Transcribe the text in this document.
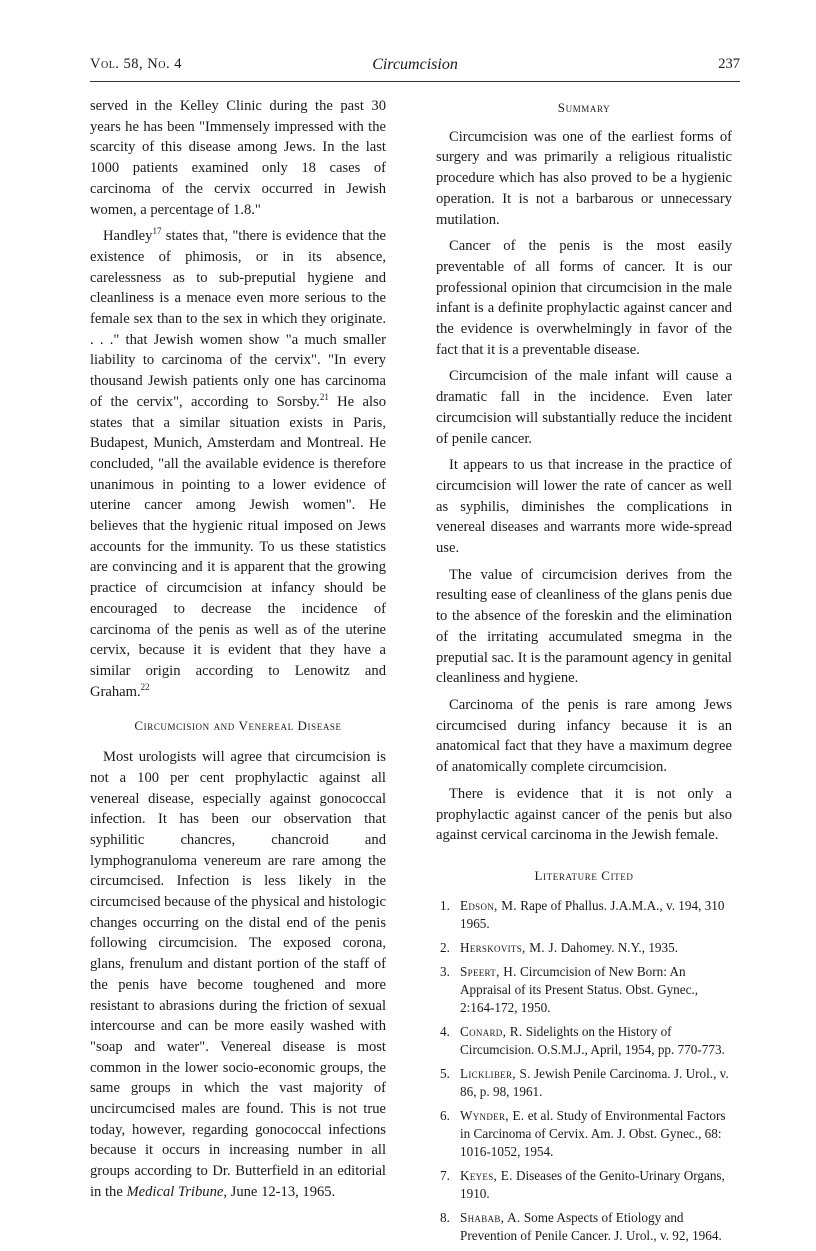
Vol. 58, No. 4	Circumcision	237

served in the Kelley Clinic during the past 30 years he has been "Immensely impressed with the scarcity of this disease among Jews. In the last 1000 patients examined only 18 cases of carcinoma of the cervix occurred in Jewish women, a percentage of 1.8."

Handley$^{17}$ states that, "there is evidence that the existence of phimosis, or in its absence, carelessness as to sub-preputial hygiene and cleanliness is a menace even more serious to the female sex than to the sex in which they originate. . . ." that Jewish women show "a much smaller liability to carcinoma of the cervix". "In every thousand Jewish patients only one has carcinoma of the cervix", according to Sorsby.$^{21}$ He also states that a similar situation exists in Paris, Budapest, Munich, Amsterdam and Montreal. He concluded, "all the available evidence is therefore unanimous in pointing to a lower evidence of uterine cancer among Jewish women". He believes that the hygienic ritual imposed on Jews accounts for the immunity. To us these statistics are convincing and it is apparent that the growing practice of circumcision at infancy should be encouraged to decrease the incidence of carcinoma of the penis as well as of the uterine cervix, because it is evident that they have a similar origin according to Lenowitz and Graham.$^{22}$

Circumcision and Venereal Disease

Most urologists will agree that circumcision is not a 100 per cent prophylactic against all venereal disease, especially against gonococcal infection. It has been our observation that syphilitic chancres, chancroid and lymphogranuloma venereum are rare among the circumcised. Infection is less likely in the circumcised because of the physical and histologic changes occurring on the distal end of the penis following circumcision. The exposed corona, glans, frenulum and distant portion of the staff of the penis have become toughened and more resistant to abrasions during the friction of sexual intercourse and can be more easily washed with "soap and water". Venereal disease is most common in the lower socio-economic groups, the same groups in which the vast majority of uncircumcised males are found. This is not true today, however, regarding gonococcal infections because it occurs in increasing number in all groups according to Dr. Butterfield in an editorial in the Medical Tribune, June 12-13, 1965.

Summary

Circumcision was one of the earliest forms of surgery and was primarily a religious ritualistic procedure which has also proved to be a hygienic operation. It is not a barbarous or unnecessary mutilation.

Cancer of the penis is the most easily preventable of all forms of cancer. It is our professional opinion that circumcision in the male infant is a definite prophylactic against cancer and the evidence is overwhelmingly in favor of the fact that it is a preventable disease.

Circumcision of the male infant will cause a dramatic fall in the incidence. Even later circumcision will substantially reduce the incident of penile cancer.

It appears to us that increase in the practice of circumcision will lower the rate of cancer as well as syphilis, diminishes the complications in venereal diseases and warrants more wide-spread use.

The value of circumcision derives from the resulting ease of cleanliness of the glans penis due to the absence of the foreskin and the elimination of the irritating accumulated smegma in the preputial sac. It is the paramount agency in genital cleanliness and hygiene.

Carcinoma of the penis is rare among Jews circumcised during infancy because it is an anatomical fact that they have a maximum degree of anatomically complete circumcision.

There is evidence that it is not only a prophylactic against cancer of the penis but also against cervical carcinoma in the Jewish female.

Literature Cited
1. Edson, M. Rape of Phallus. J.A.M.A., v. 194, 310 1965.
2. Herskovits, M. J. Dahomey. N.Y., 1935.
3. Speert, H. Circumcision of New Born: An Appraisal of its Present Status. Obst. Gynec., 2:164-172, 1950.
4. Conard, R. Sidelights on the History of Circumcision. O.S.M.J., April, 1954, pp. 770-773.
5. Lickliber, S. Jewish Penile Carcinoma. J. Urol., v. 86, p. 98, 1961.
6. Wynder, E. et al. Study of Environmental Factors in Carcinoma of Cervix. Am. J. Obst. Gynec., 68: 1016-1052, 1954.
7. Keyes, E. Diseases of the Genito-Urinary Organs, 1910.
8. Shabab, A. Some Aspects of Etiology and Prevention of Penile Cancer. J. Urol., v. 92, 1964.
